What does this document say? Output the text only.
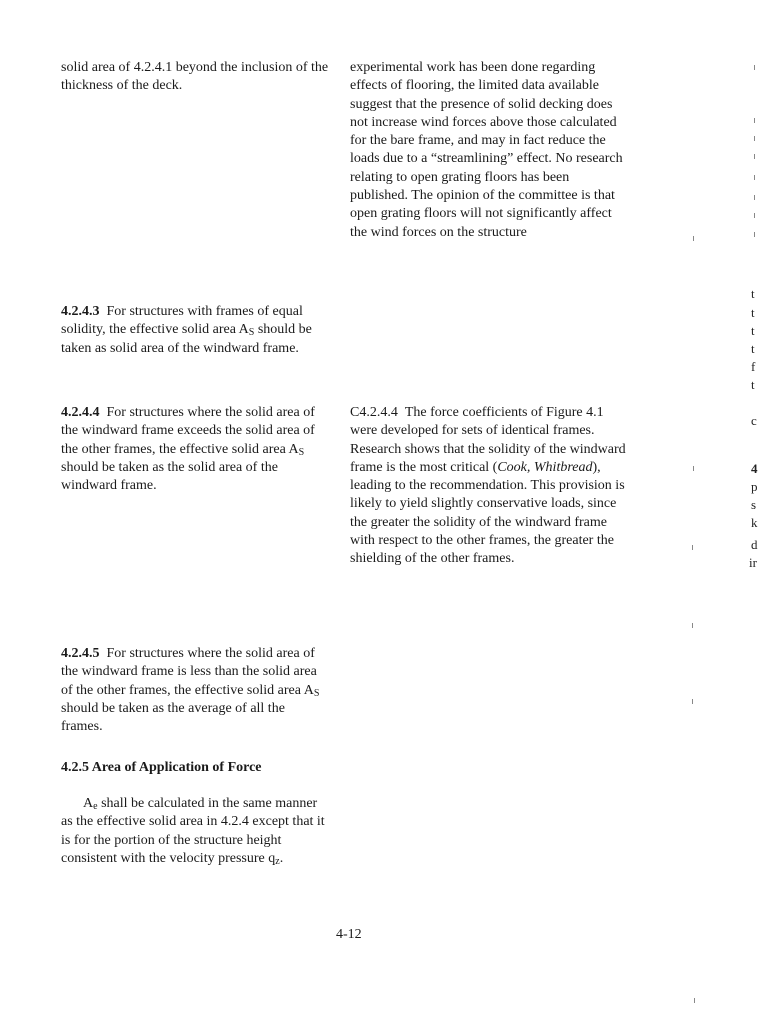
solid area of 4.2.4.1 beyond the inclusion of the thickness of the deck.

experimental work has been done regarding effects of flooring, the limited data available suggest that the presence of solid decking does not increase wind forces above those calculated for the bare frame, and may in fact reduce the loads due to a “streamlining” effect. No research relating to open grating floors has been published. The opinion of the committee is that open grating floors will not significantly affect the wind forces on the structure

4.2.4.3 For structures with frames of equal solidity, the effective solid area $A_S$ should be taken as solid area of the windward frame.

4.2.4.4 For structures where the solid area of the windward frame exceeds the solid area of the other frames, the effective solid area $A_S$ should be taken as the solid area of the windward frame.

C4.2.4.4 The force coefficients of Figure 4.1 were developed for sets of identical frames. Research shows that the solidity of the windward frame is the most critical (Cook, Whitbread), leading to the recommendation. This provision is likely to yield slightly conservative loads, since the greater the solidity of the windward frame with respect to the other frames, the greater the shielding of the other frames.

4.2.4.5 For structures where the solid area of the windward frame is less than the solid area of the other frames, the effective solid area $A_S$ should be taken as the average of all the frames.

4.2.5 Area of Application of Force

$A_e$ shall be calculated in the same manner as the effective solid area in 4.2.4 except that it is for the portion of the structure height consistent with the velocity pressure $q_z$.

4-12
t
t
t
t
f
t
c
4
p
s
k
d
ir
